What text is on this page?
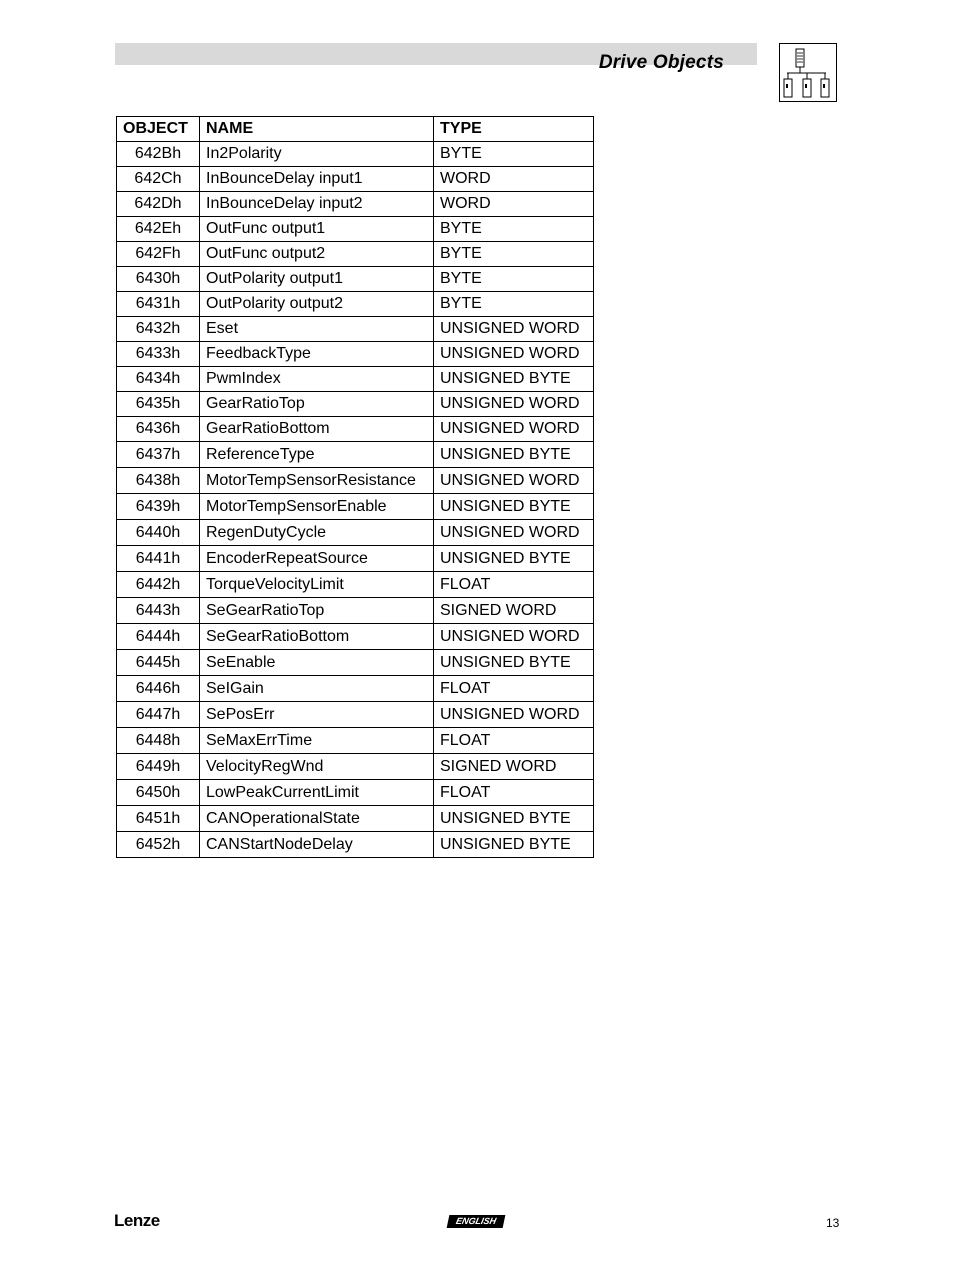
Drive Objects
OBJECT	NAME	TYPE
642Bh	In2Polarity	BYTE
642Ch	InBounceDelay input1	WORD
642Dh	InBounceDelay input2	WORD
642Eh	OutFunc output1	BYTE
642Fh	OutFunc output2	BYTE
6430h	OutPolarity output1	BYTE
6431h	OutPolarity output2	BYTE
6432h	Eset	UNSIGNED WORD
6433h	FeedbackType	UNSIGNED WORD
6434h	PwmIndex	UNSIGNED BYTE
6435h	GearRatioTop	UNSIGNED WORD
6436h	GearRatioBottom	UNSIGNED WORD
6437h	ReferenceType	UNSIGNED BYTE
6438h	MotorTempSensorResistance	UNSIGNED WORD
6439h	MotorTempSensorEnable	UNSIGNED BYTE
6440h	RegenDutyCycle	UNSIGNED WORD
6441h	EncoderRepeatSource	UNSIGNED BYTE
6442h	TorqueVelocityLimit	FLOAT
6443h	SeGearRatioTop	SIGNED WORD
6444h	SeGearRatioBottom	UNSIGNED WORD
6445h	SeEnable	UNSIGNED BYTE
6446h	SeIGain	FLOAT
6447h	SePosErr	UNSIGNED WORD
6448h	SeMaxErrTime	FLOAT
6449h	VelocityRegWnd	SIGNED WORD
6450h	LowPeakCurrentLimit	FLOAT
6451h	CANOperationalState	UNSIGNED BYTE
6452h	CANStartNodeDelay	UNSIGNED BYTE
Lenze	ENGLISH	13
